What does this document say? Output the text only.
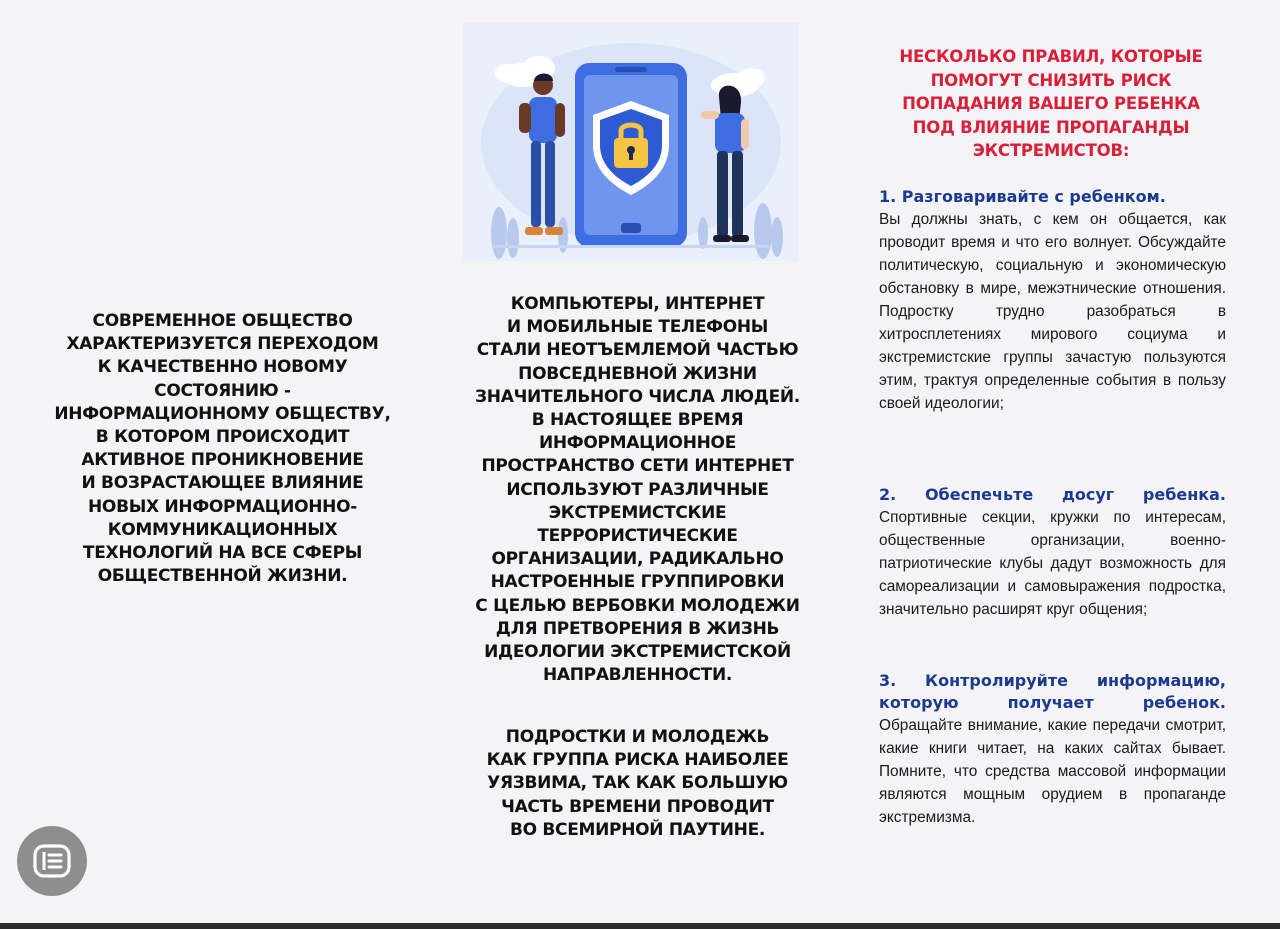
СОВРЕМЕННОЕ ОБЩЕСТВО
ХАРАКТЕРИЗУЕТСЯ ПЕРЕХОДОМ
К КАЧЕСТВЕННО НОВОМУ
СОСТОЯНИЮ -
ИНФОРМАЦИОННОМУ ОБЩЕСТВУ,
В КОТОРОМ ПРОИСХОДИТ
АКТИВНОЕ ПРОНИКНОВЕНИЕ
И ВОЗРАСТАЮЩЕЕ ВЛИЯНИЕ
НОВЫХ ИНФОРМАЦИОННО-
КОММУНИКАЦИОННЫХ
ТЕХНОЛОГИЙ НА ВСЕ СФЕРЫ
ОБЩЕСТВЕННОЙ ЖИЗНИ.
КОМПЬЮТЕРЫ, ИНТЕРНЕТ
И МОБИЛЬНЫЕ ТЕЛЕФОНЫ
СТАЛИ НЕОТЪЕМЛЕМОЙ ЧАСТЬЮ
ПОВСЕДНЕВНОЙ ЖИЗНИ
ЗНАЧИТЕЛЬНОГО ЧИСЛА ЛЮДЕЙ.
В НАСТОЯЩЕЕ ВРЕМЯ
ИНФОРМАЦИОННОЕ
ПРОСТРАНСТВО СЕТИ ИНТЕРНЕТ
ИСПОЛЬЗУЮТ РАЗЛИЧНЫЕ
ЭКСТРЕМИСТСКИЕ
ТЕРРОРИСТИЧЕСКИЕ
ОРГАНИЗАЦИИ, РАДИКАЛЬНО
НАСТРОЕННЫЕ ГРУППИРОВКИ
С ЦЕЛЬЮ ВЕРБОВКИ МОЛОДЕЖИ
ДЛЯ ПРЕТВОРЕНИЯ В ЖИЗНЬ
ИДЕОЛОГИИ ЭКСТРЕМИСТСКОЙ
НАПРАВЛЕННОСТИ.
ПОДРОСТКИ И МОЛОДЕЖЬ
КАК ГРУППА РИСКА НАИБОЛЕЕ
УЯЗВИМА, ТАК КАК БОЛЬШУЮ
ЧАСТЬ ВРЕМЕНИ ПРОВОДИТ
ВО ВСЕМИРНОЙ ПАУТИНЕ.
НЕСКОЛЬКО ПРАВИЛ, КОТОРЫЕ
ПОМОГУТ СНИЗИТЬ РИСК
ПОПАДАНИЯ ВАШЕГО РЕБЕНКА
ПОД ВЛИЯНИЕ ПРОПАГАНДЫ
ЭКСТРЕМИСТОВ:
1. Разговаривайте с ребенком.
Вы должны знать, с кем он общается, как проводит время и что его волнует. Обсуждайте политическую, социальную и экономическую обстановку в мире, межэтнические отношения. Подростку трудно разобраться в хитросплетениях мирового социума и экстремистские группы зачастую пользуются этим, трактуя определенные события в пользу своей идеологии;
2. Обеспечьте досуг ребенка.
Спортивные секции, кружки по интересам, общественные организации, военно-патриотические клубы дадут возможность для самореализации и самовыражения подростка, значительно расширят круг общения;
3. Контролируйте информацию, которую получает ребенок.
Обращайте внимание, какие передачи смотрит, какие книги читает, на каких сайтах бывает. Помните, что средства массовой информации являются мощным орудием в пропаганде экстремизма.
